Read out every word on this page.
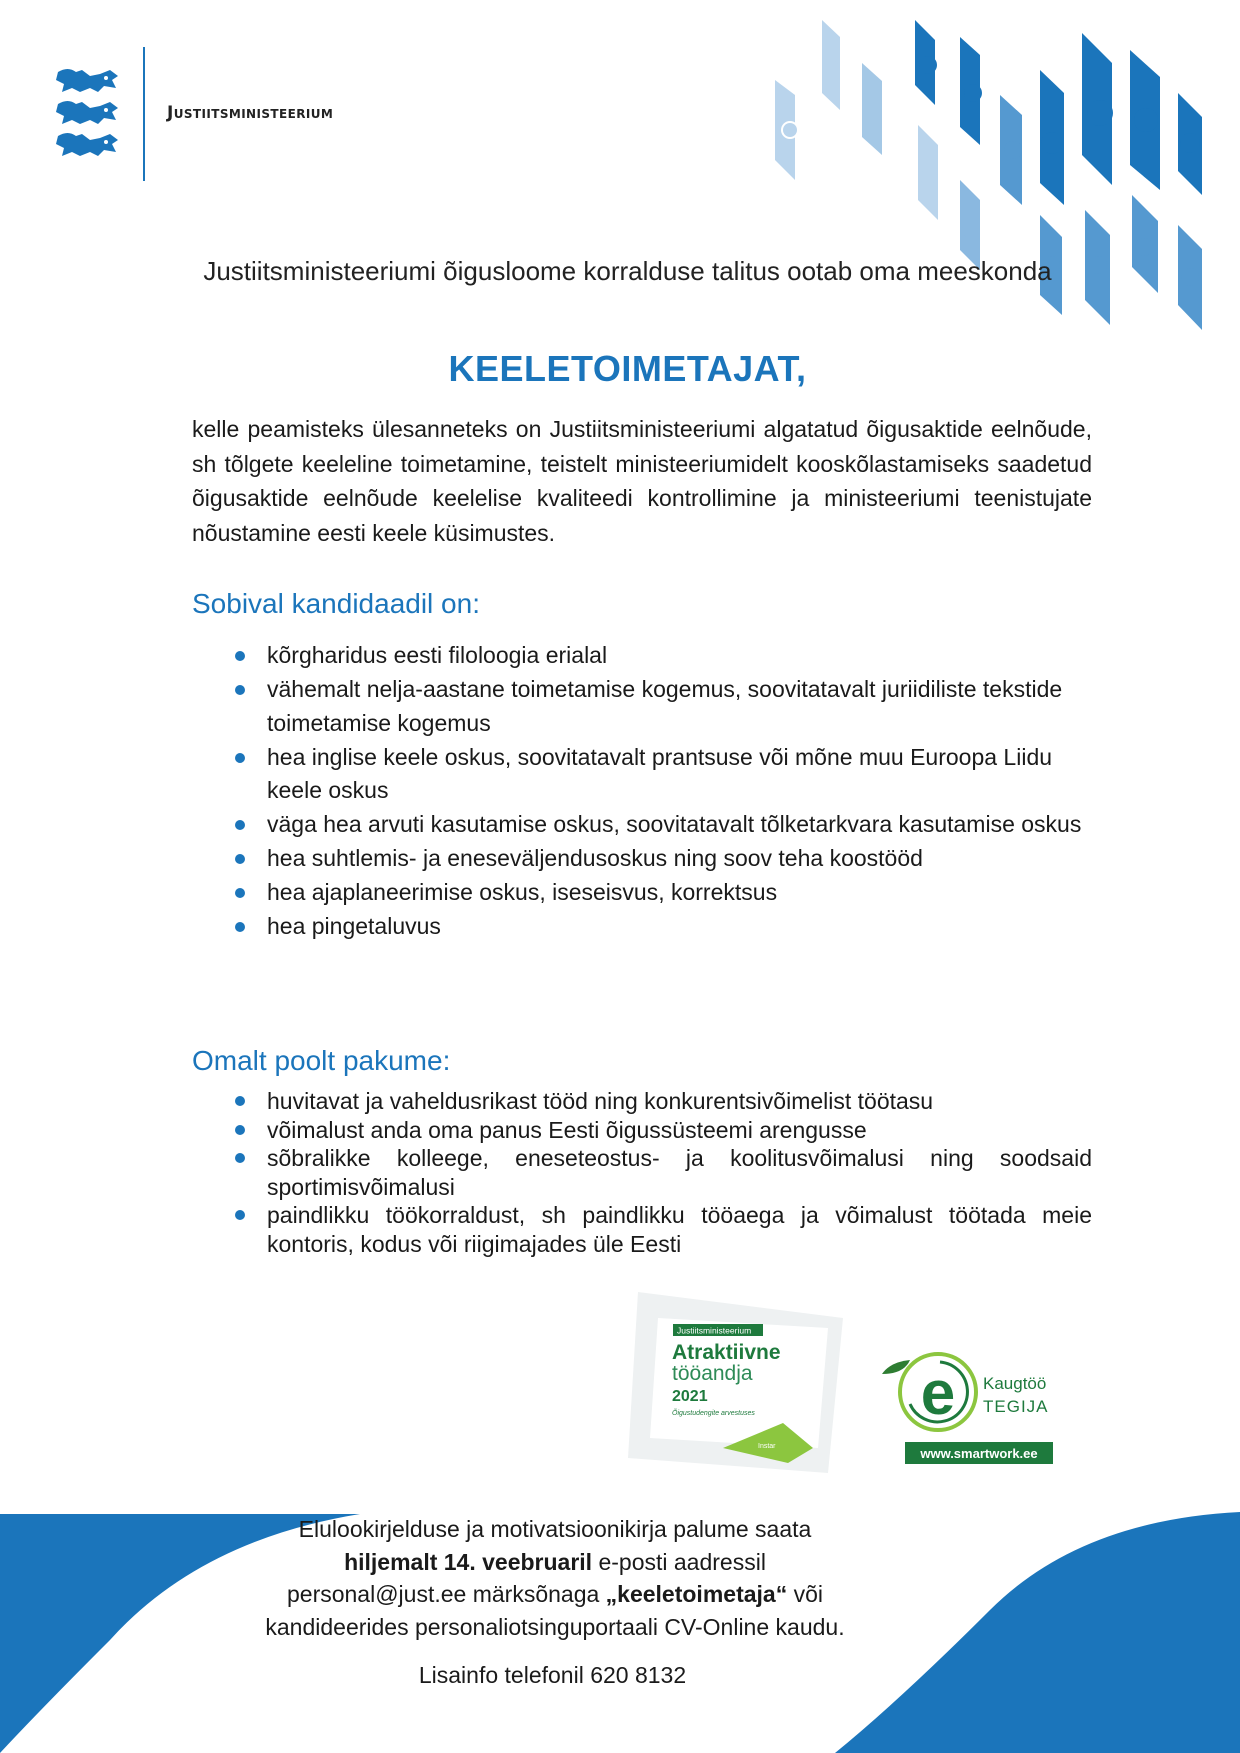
Justiitsministeerium
Justiitsministeeriumi õigusloome korralduse talitus ootab oma meeskonda
KEELETOIMETAJAT,
kelle peamisteks ülesanneteks on Justiitsministeeriumi algatatud õigusaktide eelnõude, sh tõlgete keeleline toimetamine, teistelt ministeeriumidelt kooskõlastamiseks saadetud õigusaktide eelnõude keelelise kvaliteedi kontrollimine ja ministeeriumi teenistujate nõustamine eesti keele küsimustes.
Sobival kandidaadil on:
kõrgharidus eesti filoloogia erialal
vähemalt nelja-aastane toimetamise kogemus, soovitatavalt juriidiliste tekstide toimetamise kogemus
hea inglise keele oskus, soovitatavalt prantsuse või mõne muu Euroopa Liidu keele oskus
väga hea arvuti kasutamise oskus, soovitatavalt tõlketarkvara kasutamise oskus
hea suhtlemis- ja eneseväljendusoskus ning soov teha koostööd
hea ajaplaneerimise oskus, iseseisvus, korrektsus
hea pingetaluvus
Omalt poolt pakume:
huvitavat ja vaheldusrikast tööd ning konkurentsivõimelist töötasu
võimalust anda oma panus Eesti õigussüsteemi arengusse
sõbralikke kolleege, eneseteostus- ja koolitusvõimalusi ning soodsaid sportimisvõimalusi
paindlikku töökorraldust, sh paindlikku tööaega ja võimalust töötada meie kontoris, kodus või riigimajades üle Eesti
Justiitsministeerium
Atraktiivne
tööandja
2021
Õigustudengite arvestuses
Instar
e Kaugtöö
TEGIJA
www.smartwork.ee
Elulookirjelduse ja motivatsioonikirja palume saata
hiljemalt 14. veebruaril e-posti aadressil
personal@just.ee märksõnaga „keeletoimetaja“ või
kandideerides personaliotsinguportaali CV-Online kaudu.
Lisainfo telefonil 620 8132
